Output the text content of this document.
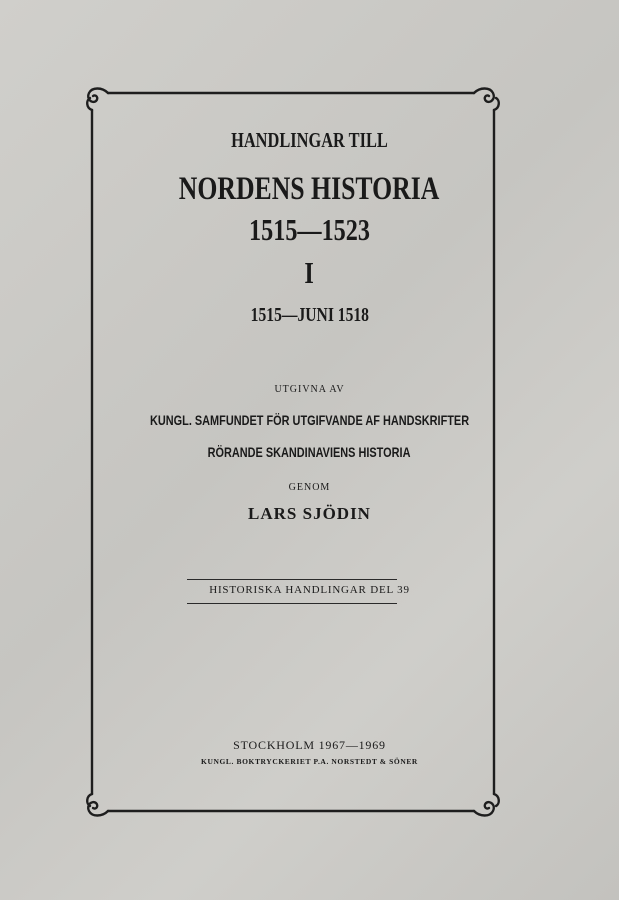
HANDLINGAR TILL
NORDENS HISTORIA
1515—1523
I
1515—JUNI 1518
UTGIVNA AV
KUNGL. SAMFUNDET FÖR UTGIFVANDE AF HANDSKRIFTER
RÖRANDE SKANDINAVIENS HISTORIA
GENOM
LARS SJÖDIN
HISTORISKA HANDLINGAR DEL 39
STOCKHOLM 1967—1969
KUNGL. BOKTRYCKERIET P.A. NORSTEDT & SÖNER
